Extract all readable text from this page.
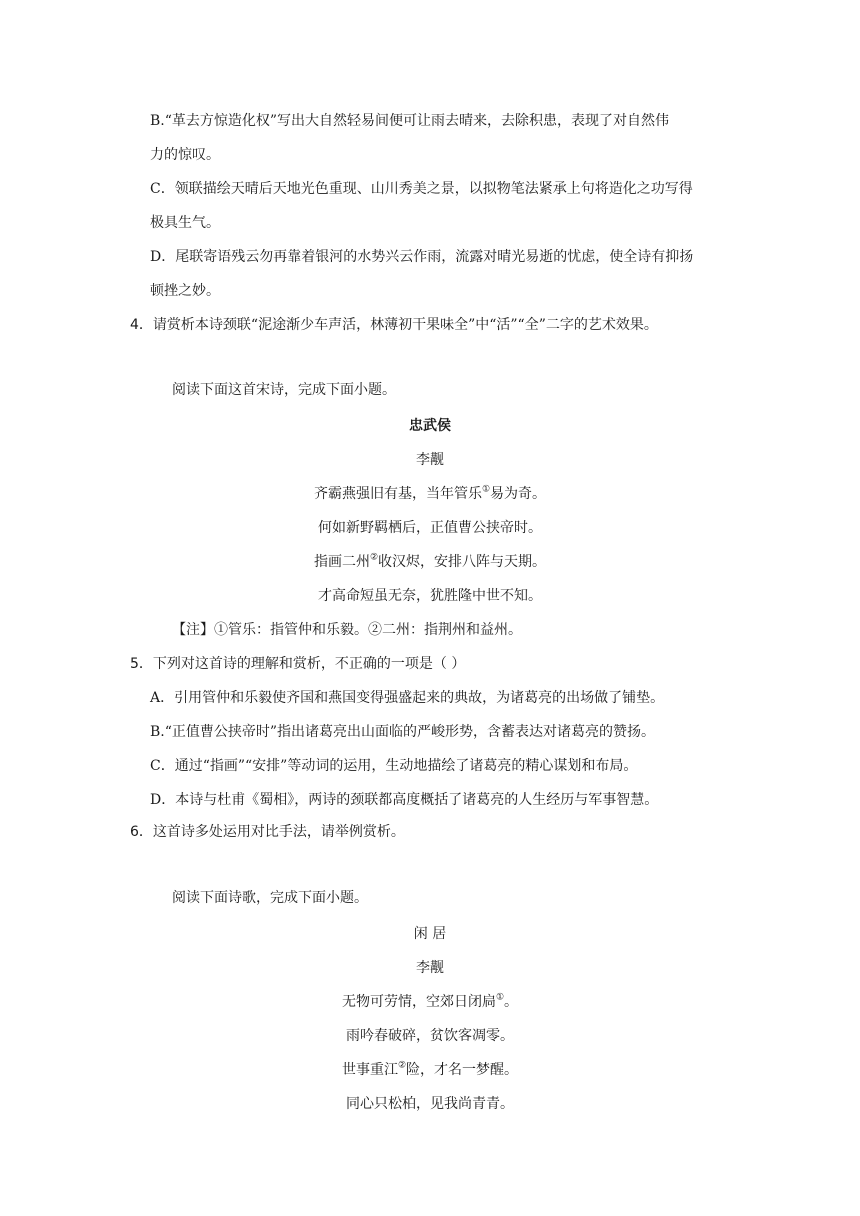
B.“革去方惊造化权”写出大自然轻易间便可让雨去晴来，去除积患，表现了对自然伟
力的惊叹。
C．领联描绘天晴后天地光色重现、山川秀美之景，以拟物笔法紧承上句将造化之功写得
极具生气。
D．尾联寄语残云勿再靠着银河的水势兴云作雨，流露对晴光易逝的忧虑，使全诗有抑扬
顿挫之妙。
4．请赏析本诗颈联“泥途渐少车声活，林薄初干果味全”中“活”“全”二字的艺术效果。
阅读下面这首宋诗，完成下面小题。
忠武侯
李觏
齐霸燕强旧有基，当年管乐①易为奇。
何如新野羁栖后，正值曹公挟帝时。
指画二州②收汉烬，安排八阵与天期。
才高命短虽无奈，犹胜隆中世不知。
【注】①管乐：指管仲和乐毅。②二州：指荆州和益州。
5．下列对这首诗的理解和赏析，不正确的一项是（ ）
A．引用管仲和乐毅使齐国和燕国变得强盛起来的典故，为诸葛亮的出场做了铺垫。
B.“正值曹公挟帝时”指出诸葛亮出山面临的严峻形势，含蓄表达对诸葛亮的赞扬。
C．通过“指画”“安排”等动词的运用，生动地描绘了诸葛亮的精心谋划和布局。
D．本诗与杜甫《蜀相》，两诗的颈联都高度概括了诸葛亮的人生经历与军事智慧。
6．这首诗多处运用对比手法，请举例赏析。
阅读下面诗歌，完成下面小题。
闲 居
李觏
无物可劳情，空郊日闭扃①。
雨吟春破碎，贫饮客凋零。
世事重江②险，才名一梦醒。
同心只松柏，见我尚青青。
